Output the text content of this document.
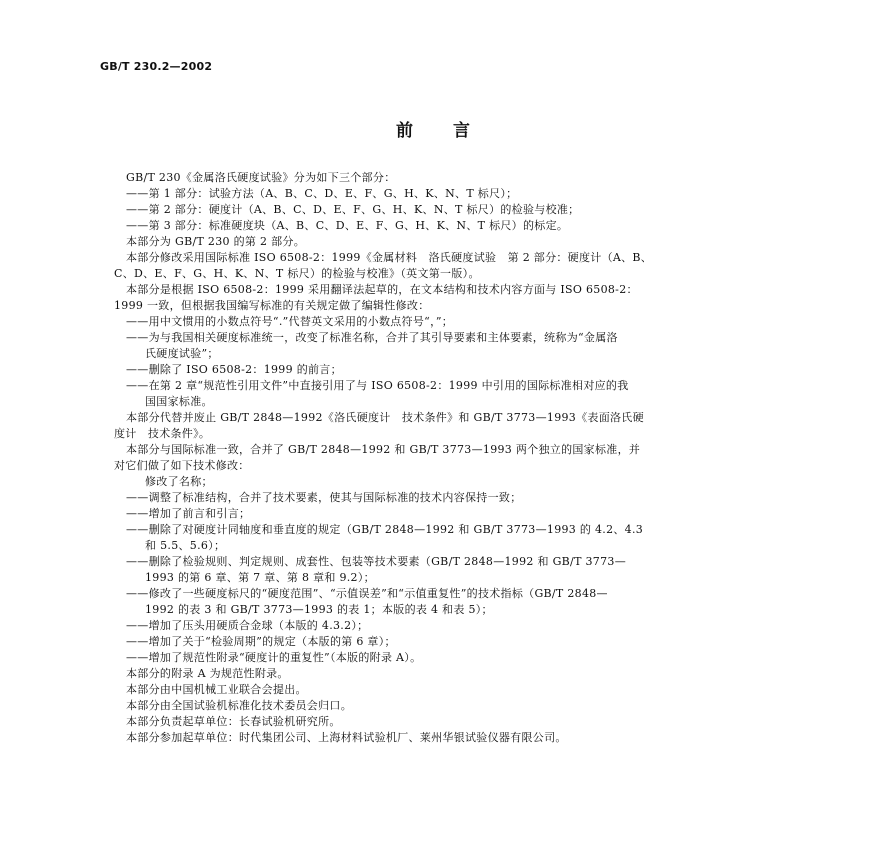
GB/T 230.2—2002
前 言
GB/T 230《金属洛氏硬度试验》分为如下三个部分：
——第 1 部分：试验方法（A、B、C、D、E、F、G、H、K、N、T 标尺）；
——第 2 部分：硬度计（A、B、C、D、E、F、G、H、K、N、T 标尺）的检验与校准；
——第 3 部分：标准硬度块（A、B、C、D、E、F、G、H、K、N、T 标尺）的标定。
本部分为 GB/T 230 的第 2 部分。
本部分修改采用国际标准 ISO 6508-2：1999《金属材料　洛氏硬度试验　第 2 部分：硬度计（A、B、
C、D、E、F、G、H、K、N、T 标尺）的检验与校准》（英文第一版）。
本部分是根据 ISO 6508-2：1999 采用翻译法起草的，在文本结构和技术内容方面与 ISO 6508-2：
1999 一致，但根据我国编写标准的有关规定做了编辑性修改：
——用中文惯用的小数点符号“.”代替英文采用的小数点符号“，”；
——为与我国相关硬度标准统一，改变了标准名称，合并了其引导要素和主体要素，统称为“金属洛
氏硬度试验”；
——删除了 ISO 6508-2：1999 的前言；
——在第 2 章“规范性引用文件”中直接引用了与 ISO 6508-2：1999 中引用的国际标准相对应的我
国国家标准。
本部分代替并废止 GB/T 2848—1992《洛氏硬度计　技术条件》和 GB/T 3773—1993《表面洛氏硬
度计　技术条件》。
本部分与国际标准一致，合并了 GB/T 2848—1992 和 GB/T 3773—1993 两个独立的国家标准，并
对它们做了如下技术修改：
修改了名称；
——调整了标准结构，合并了技术要素，使其与国际标准的技术内容保持一致；
——增加了前言和引言；
——删除了对硬度计同轴度和垂直度的规定（GB/T 2848—1992 和 GB/T 3773—1993 的 4.2、4.3
和 5.5、5.6）；
——删除了检验规则、判定规则、成套性、包装等技术要素（GB/T 2848—1992 和 GB/T 3773—
1993 的第 6 章、第 7 章、第 8 章和 9.2）；
——修改了一些硬度标尺的“硬度范围”、“示值误差”和“示值重复性”的技术指标（GB/T 2848—
1992 的表 3 和 GB/T 3773—1993 的表 1；本版的表 4 和表 5）；
——增加了压头用硬质合金球（本版的 4.3.2）；
——增加了关于“检验周期”的规定（本版的第 6 章）；
——增加了规范性附录“硬度计的重复性”（本版的附录 A）。
本部分的附录 A 为规范性附录。
本部分由中国机械工业联合会提出。
本部分由全国试验机标准化技术委员会归口。
本部分负责起草单位：长春试验机研究所。
本部分参加起草单位：时代集团公司、上海材料试验机厂、莱州华银试验仪器有限公司。
